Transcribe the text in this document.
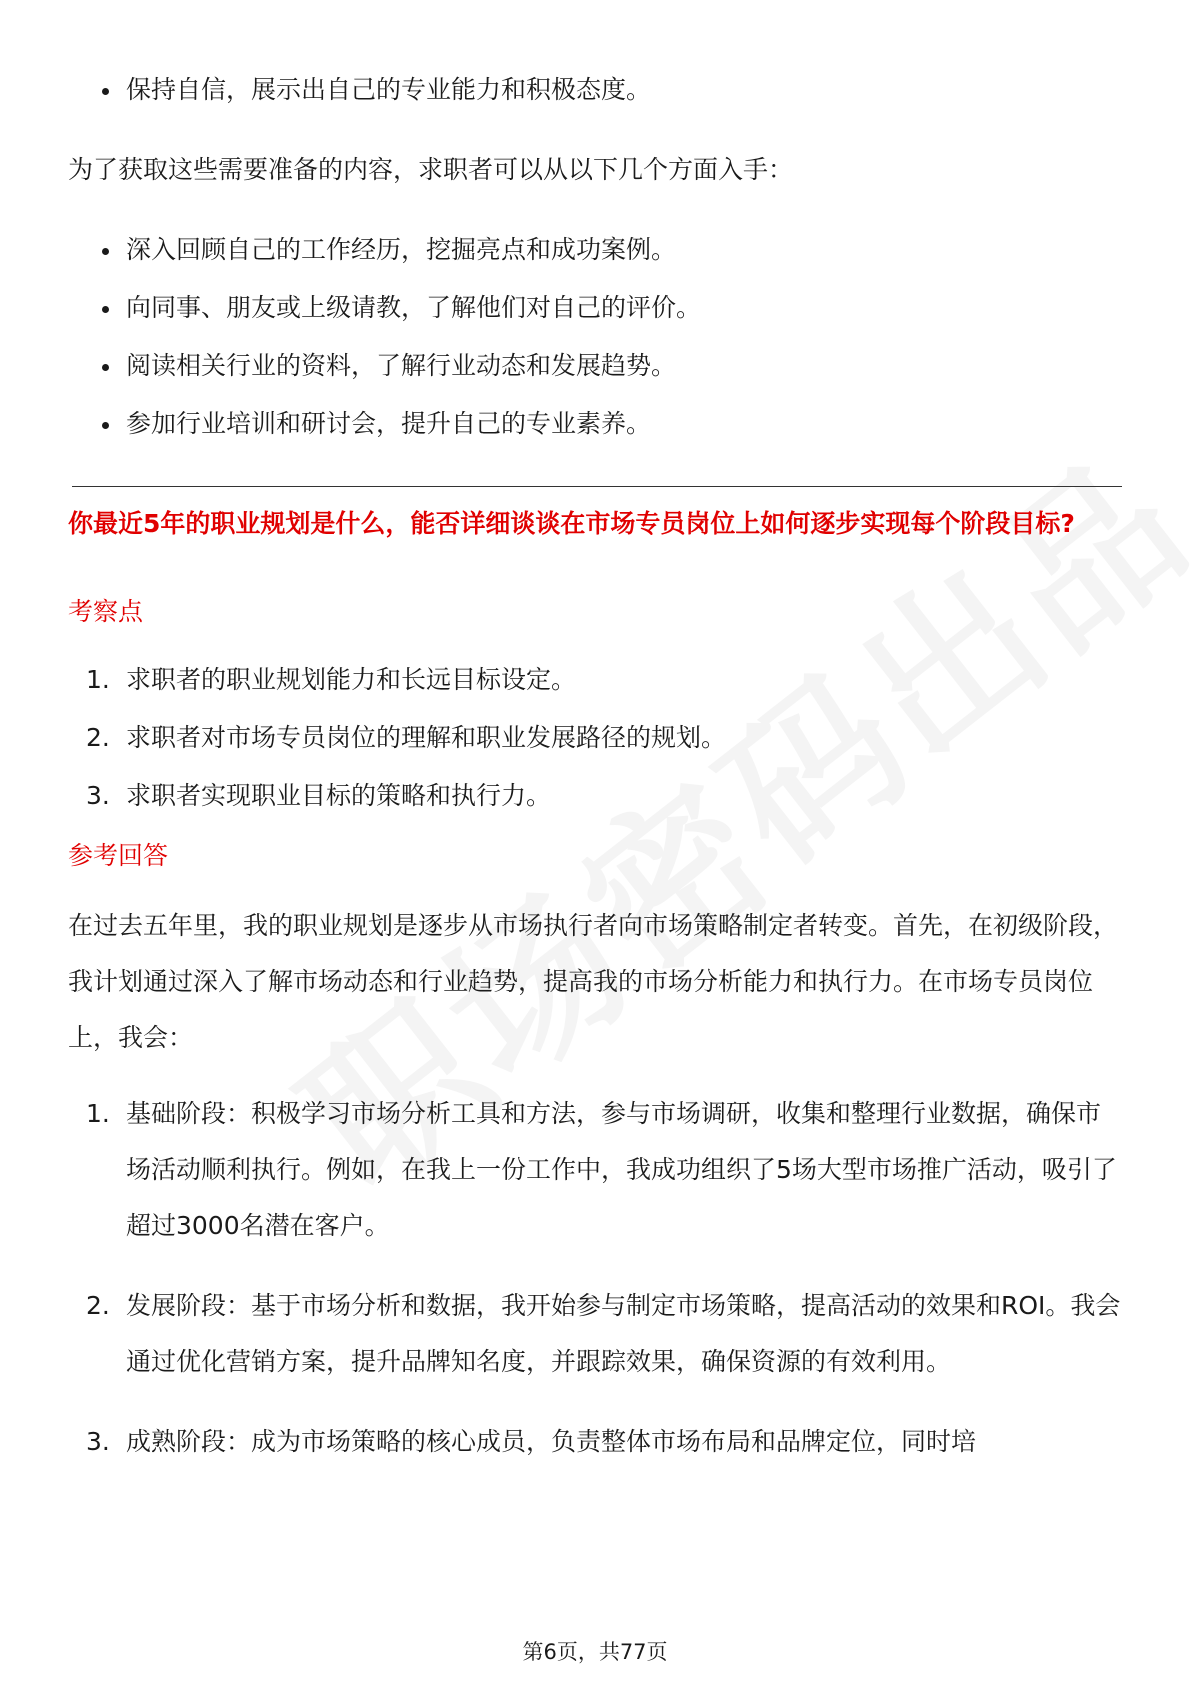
保持自信，展示出自己的专业能力和积极态度。

为了获取这些需要准备的内容，求职者可以从以下几个方面入手：

深入回顾自己的工作经历，挖掘亮点和成功案例。
向同事、朋友或上级请教，了解他们对自己的评价。
阅读相关行业的资料，了解行业动态和发展趋势。
参加行业培训和研讨会，提升自己的专业素养。

你最近5年的职业规划是什么，能否详细谈谈在市场专员岗位上如何逐步实现每个阶段目标?

考察点

1. 求职者的职业规划能力和长远目标设定。
2. 求职者对市场专员岗位的理解和职业发展路径的规划。
3. 求职者实现职业目标的策略和执行力。

参考回答

在过去五年里，我的职业规划是逐步从市场执行者向市场策略制定者转变。首先，在初级阶段，我计划通过深入了解市场动态和行业趋势，提高我的市场分析能力和执行力。在市场专员岗位上，我会：

1. 基础阶段：积极学习市场分析工具和方法，参与市场调研，收集和整理行业数据，确保市场活动顺利执行。例如，在我上一份工作中，我成功组织了5场大型市场推广活动，吸引了超过3000名潜在客户。
2. 发展阶段：基于市场分析和数据，我开始参与制定市场策略，提高活动的效果和ROI。我会通过优化营销方案，提升品牌知名度，并跟踪效果，确保资源的有效利用。
3. 成熟阶段：成为市场策略的核心成员，负责整体市场布局和品牌定位，同时培
第6页，共77页
